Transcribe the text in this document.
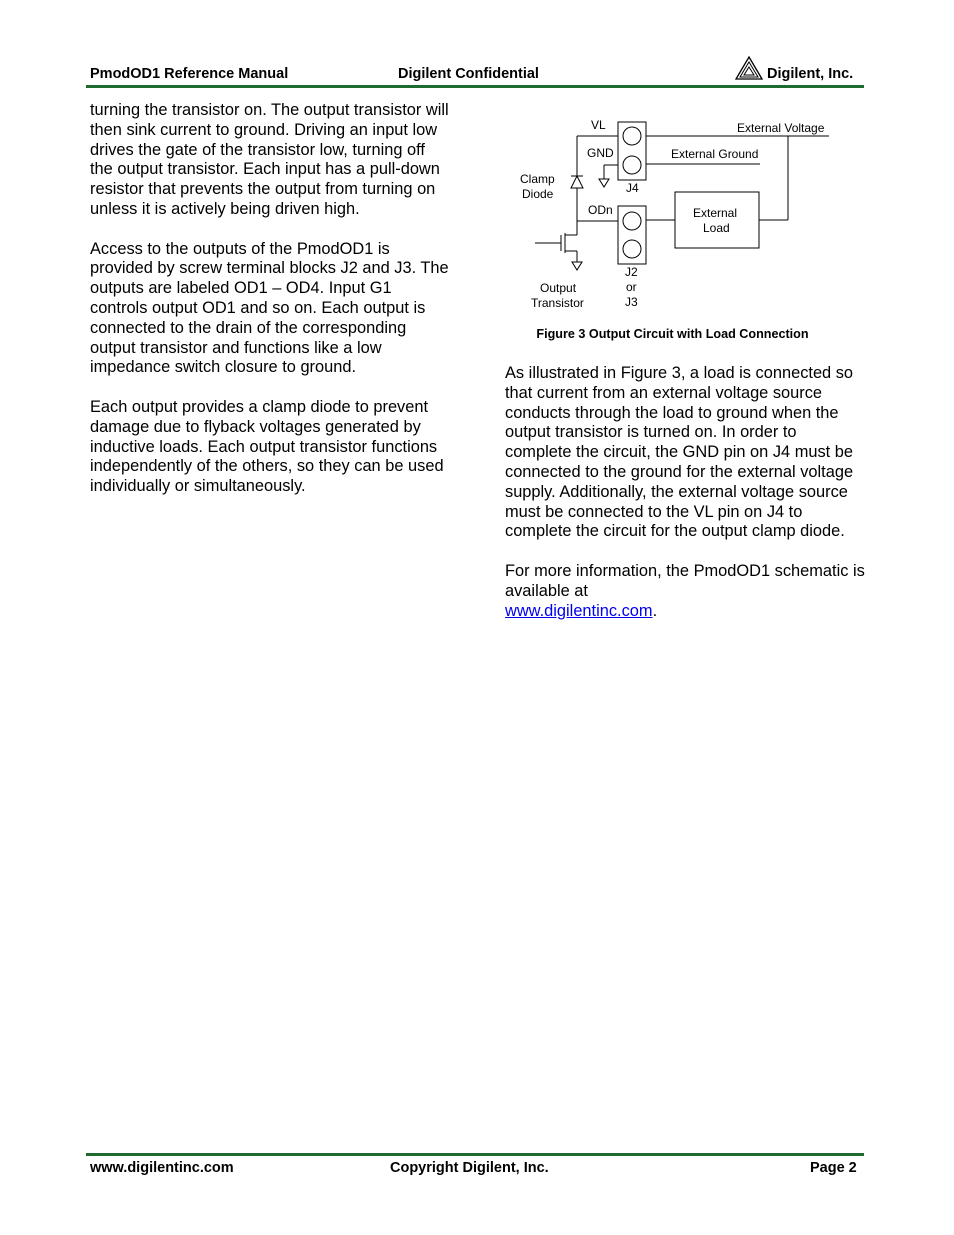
PmodOD1 Reference Manual	Digilent Confidential	Digilent, Inc.

turning the transistor on. The output transistor will then sink current to ground. Driving an input low drives the gate of the transistor low, turning off the output transistor. Each input has a pull-down resistor that prevents the output from turning on unless it is actively being driven high.

Access to the outputs of the PmodOD1 is provided by screw terminal blocks J2 and J3. The outputs are labeled OD1 – OD4. Input G1 controls output OD1 and so on. Each output is connected to the drain of the corresponding output transistor and functions like a low impedance switch closure to ground.

Each output provides a clamp diode to prevent damage due to flyback voltages generated by inductive loads. Each output transistor functions independently of the others, so they can be used individually or simultaneously.

VL
GND
Clamp
Diode	J4
ODn
External Voltage
External Ground
External
Load
J2
or
J3
Output
Transistor
Figure 3 Output Circuit with Load Connection

As illustrated in Figure 3, a load is connected so that current from an external voltage source conducts through the load to ground when the output transistor is turned on. In order to complete the circuit, the GND pin on J4 must be connected to the ground for the external voltage supply. Additionally, the external voltage source must be connected to the VL pin on J4 to complete the circuit for the output clamp diode.

For more information, the PmodOD1 schematic is available at
www.digilentinc.com.

www.digilentinc.com	Copyright Digilent, Inc.	Page 2
